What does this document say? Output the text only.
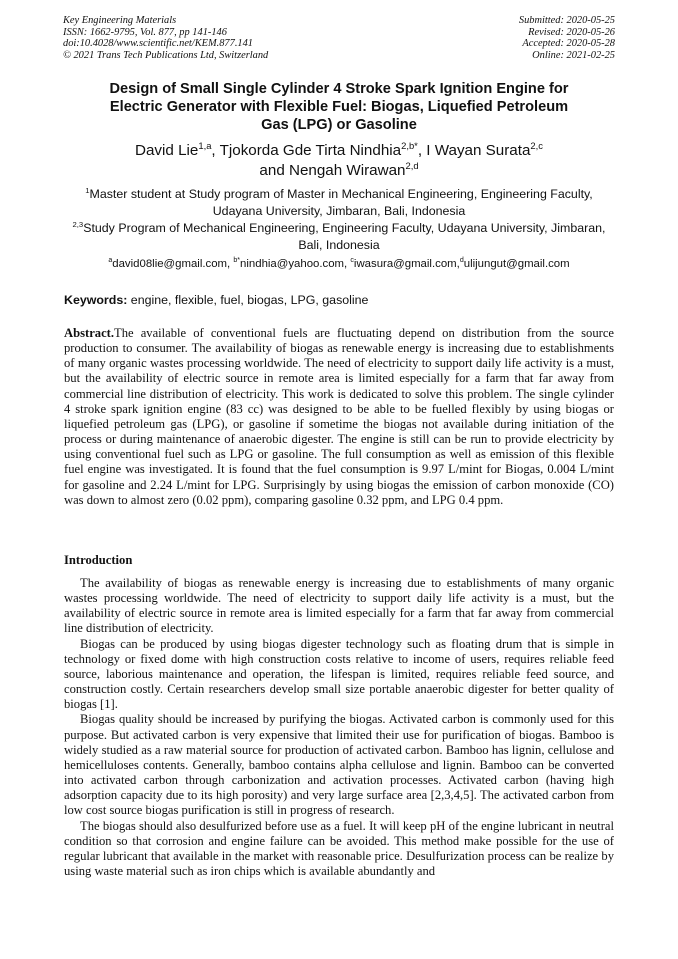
Key Engineering Materials
ISSN: 1662-9795, Vol. 877, pp 141-146
doi:10.4028/www.scientific.net/KEM.877.141
© 2021 Trans Tech Publications Ltd, Switzerland
Submitted: 2020-05-25
Revised: 2020-05-26
Accepted: 2020-05-28
Online: 2021-02-25
Design of Small Single Cylinder 4 Stroke Spark Ignition Engine for
Electric Generator with Flexible Fuel: Biogas, Liquefied Petroleum
Gas (LPG) or Gasoline
David Lie$^{1,a}$, Tjokorda Gde Tirta Nindhia$^{2,b*}$, I Wayan Surata$^{2,c}$
and Nengah Wirawan$^{2,d}$
$^1$Master student at Study program of Master in Mechanical Engineering, Engineering Faculty, Udayana University, Jimbaran, Bali, Indonesia
$^{2,3}$Study Program of Mechanical Engineering, Engineering Faculty, Udayana University, Jimbaran, Bali, Indonesia
$^a$david08lie@gmail.com, $^{b*}$nindhia@yahoo.com, $^c$iwasura@gmail.com,$^d$ulijungut@gmail.com
Keywords: engine, flexible, fuel, biogas, LPG, gasoline
Abstract.The available of conventional fuels are fluctuating depend on distribution from the source production to consumer. The availability of biogas as renewable energy is increasing due to establishments of many organic wastes processing worldwide. The need of electricity to support daily life activity is a must, but the availability of electric source in remote area is limited especially for a farm that far away from commercial line distribution of electricity. This work is dedicated to solve this problem. The single cylinder 4 stroke spark ignition engine (83 cc) was designed to be able to be fuelled flexibly by using biogas or liquefied petroleum gas (LPG), or gasoline if sometime the biogas not available during initiation of the process or during maintenance of anaerobic digester. The engine is still can be run to provide electricity by using conventional fuel such as LPG or gasoline. The full consumption as well as emission of this flexible fuel engine was investigated. It is found that the fuel consumption is 9.97 L/mint for Biogas, 0.004 L/mint for gasoline and 2.24 L/mint for LPG. Surprisingly by using biogas the emission of carbon monoxide (CO) was down to almost zero (0.02 ppm), comparing gasoline 0.32 ppm, and LPG 0.4 ppm.
Introduction

The availability of biogas as renewable energy is increasing due to establishments of many organic wastes processing worldwide. The need of electricity to support daily life activity is a must, but the availability of electric source in remote area is limited especially for a farm that far away from commercial line distribution of electricity.

Biogas can be produced by using biogas digester technology such as floating drum that is simple in technology or fixed dome with high construction costs relative to income of users, requires reliable feed source, laborious maintenance and operation, the lifespan is limited, requires reliable feed source, and construction costly. Certain researchers develop small size portable anaerobic digester for better quality of biogas [1].

Biogas quality should be increased by purifying the biogas. Activated carbon is commonly used for this purpose. But activated carbon is very expensive that limited their use for purification of biogas. Bamboo is widely studied as a raw material source for production of activated carbon. Bamboo has lignin, cellulose and hemicelluloses contents. Generally, bamboo contains alpha cellulose and lignin. Bamboo can be converted into activated carbon through carbonization and activation processes. Activated carbon (having high adsorption capacity due to its high porosity) and very large surface area [2,3,4,5]. The activated carbon from low cost source biogas purification is still in progress of research.

The biogas should also desulfurized before use as a fuel. It will keep pH of the engine lubricant in neutral condition so that corrosion and engine failure can be avoided. This method make possible for the use of regular lubricant that available in the market with reasonable price. Desulfurization process can be realize by using waste material such as iron chips which is available abundantly and
